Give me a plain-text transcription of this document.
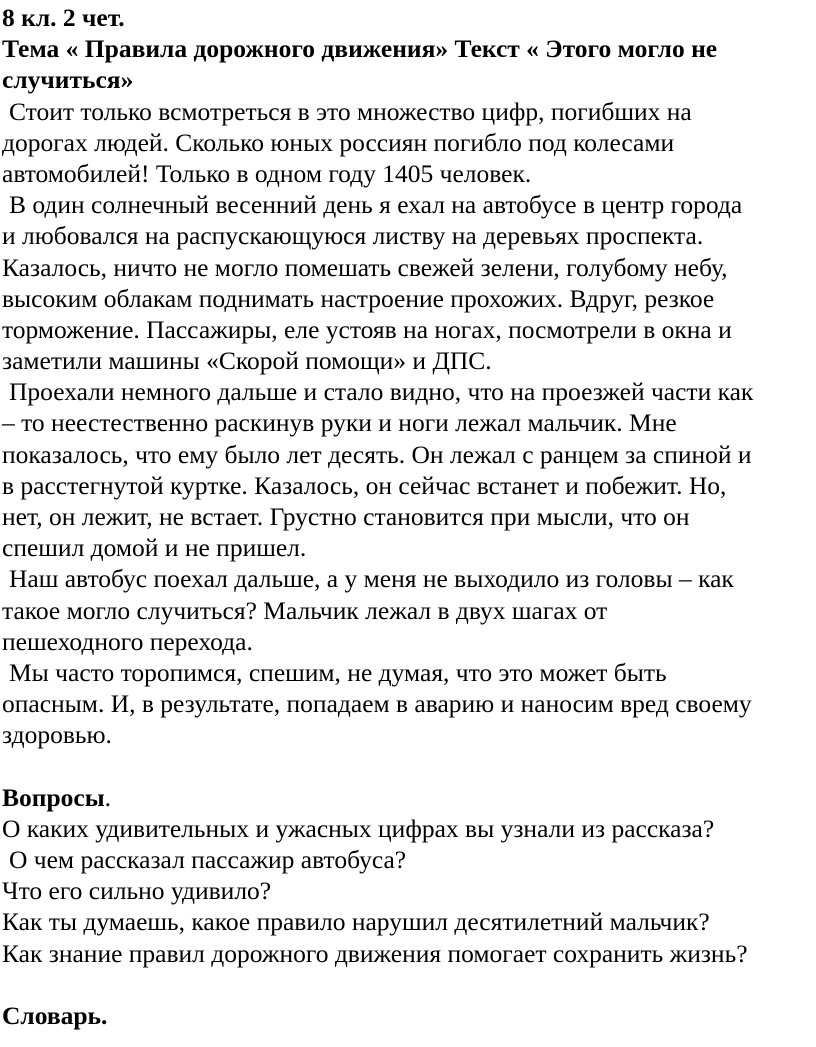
8 кл. 2 чет.
Тема « Правила дорожного движения» Текст « Этого могло не
случиться»
Стоит только всмотреться в это множество цифр, погибших на
дорогах людей. Сколько юных россиян погибло под колесами
автомобилей! Только в одном году 1405 человек.
В один солнечный весенний день я ехал на автобусе в центр города
и любовался на распускающуюся листву на деревьях проспекта.
Казалось, ничто не могло помешать свежей зелени, голубому небу,
высоким облакам поднимать настроение прохожих. Вдруг, резкое
торможение. Пассажиры, еле устояв на ногах, посмотрели в окна и
заметили машины «Скорой помощи» и ДПС.
Проехали немного дальше и стало видно, что на проезжей части как
– то неестественно раскинув руки и ноги лежал мальчик. Мне
показалось, что ему было лет десять. Он лежал с ранцем за спиной и
в расстегнутой куртке. Казалось, он сейчас встанет и побежит. Но,
нет, он лежит, не встает. Грустно становится при мысли, что он
спешил домой и не пришел.
Наш автобус поехал дальше, а у меня не выходило из головы – как
такое могло случиться? Мальчик лежал в двух шагах от
пешеходного перехода.
Мы часто торопимся, спешим, не думая, что это может быть
опасным. И, в результате, попадаем в аварию и наносим вред своему
здоровью.
Вопросы.
О каких удивительных и ужасных цифрах вы узнали из рассказа?
О чем рассказал пассажир автобуса?
Что его сильно удивило?
Как ты думаешь, какое правило нарушил десятилетний мальчик?
Как знание правил дорожного движения помогает сохранить жизнь?
Словарь.
